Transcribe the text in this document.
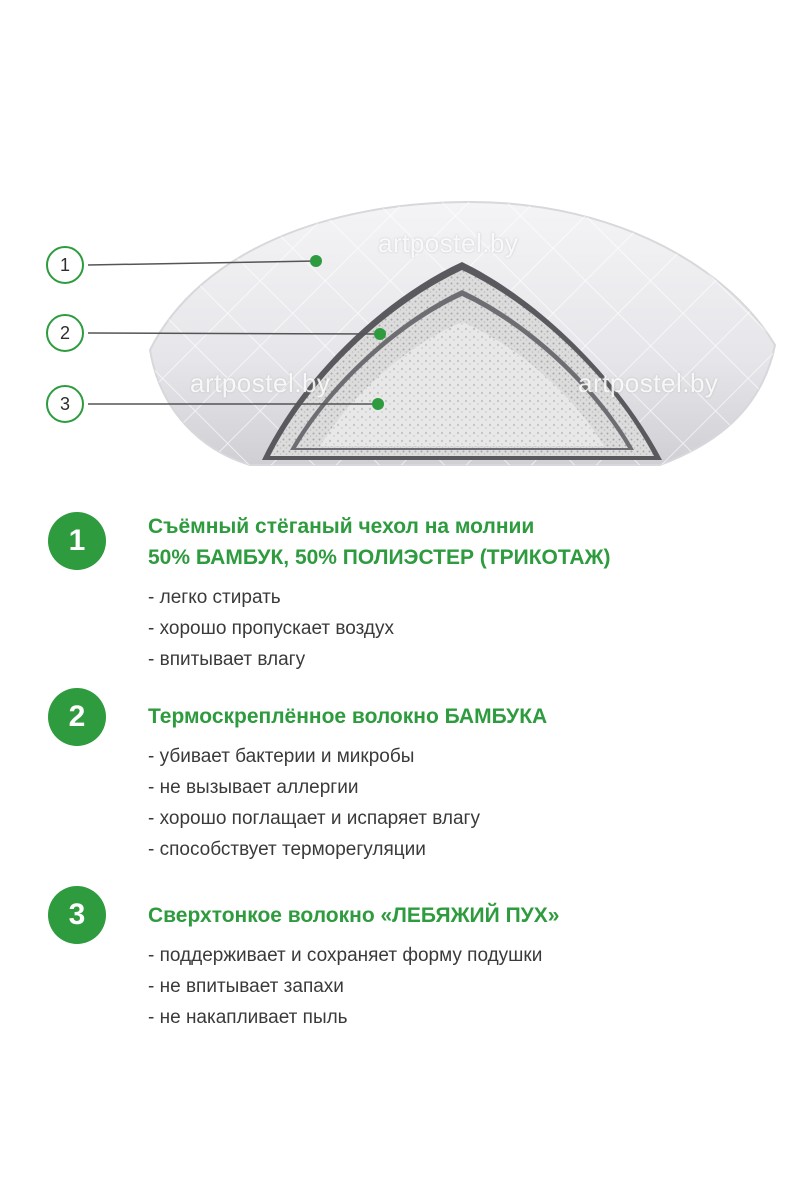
artpostel.by
artpostel.by	artpostel.by
1
2
3
1	Съёмный стёганый чехол на молнии
50% БАМБУК, 50% ПОЛИЭСТЕР (ТРИКОТАЖ)
- легко стирать
- хорошо пропускает воздух
- впитывает влагу
2	Термоскреплённое волокно БАМБУКА
- убивает бактерии и микробы
- не вызывает аллергии
- хорошо поглащает и испаряет влагу
- способствует терморегуляции
3	Сверхтонкое волокно «ЛЕБЯЖИЙ ПУХ»
- поддерживает и сохраняет форму подушки
- не впитывает запахи
- не накапливает пыль
